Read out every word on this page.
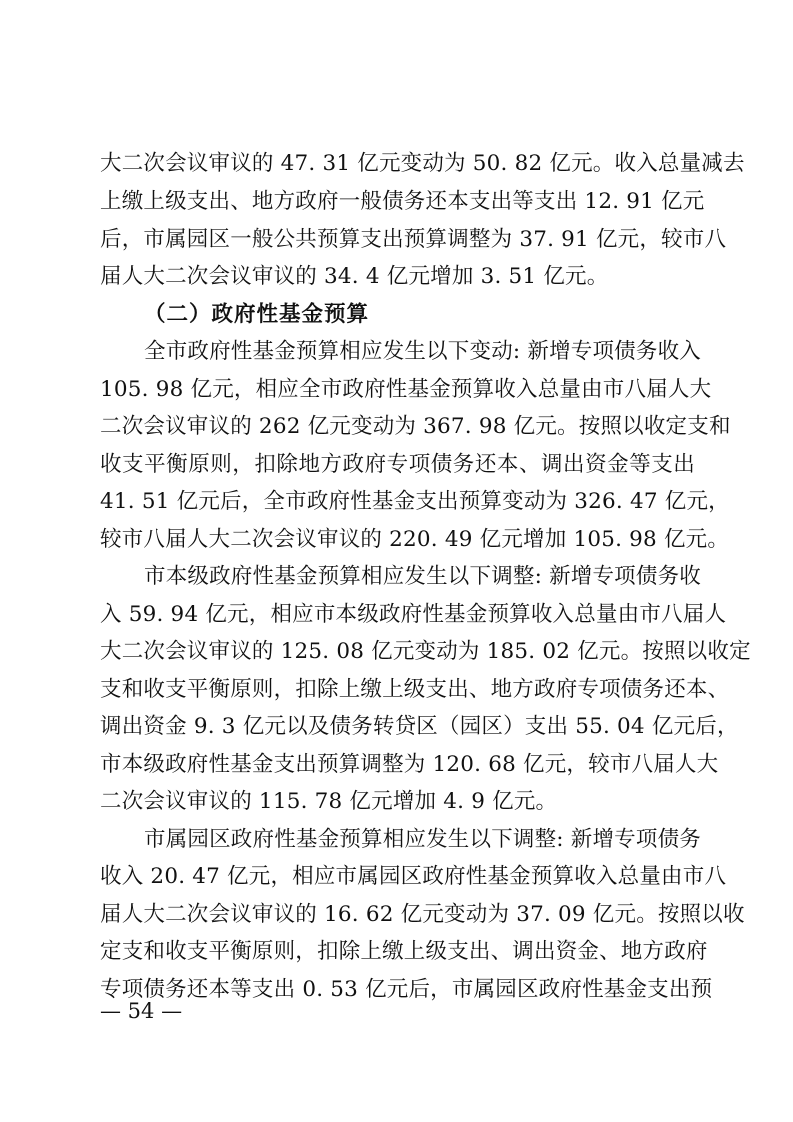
大二次会议审议的 47. 31 亿元变动为 50. 82 亿元。收入总量减去
上缴上级支出、地方政府一般债务还本支出等支出 12. 91 亿元
后，市属园区一般公共预算支出预算调整为 37. 91 亿元，较市八
届人大二次会议审议的 34. 4 亿元增加 3. 51 亿元。
（二）政府性基金预算
全市政府性基金预算相应发生以下变动: 新增专项债务收入
105. 98 亿元，相应全市政府性基金预算收入总量由市八届人大
二次会议审议的 262 亿元变动为 367. 98 亿元。按照以收定支和
收支平衡原则，扣除地方政府专项债务还本、调出资金等支出
41. 51 亿元后，全市政府性基金支出预算变动为 326. 47 亿元，
较市八届人大二次会议审议的 220. 49 亿元增加 105. 98 亿元。
市本级政府性基金预算相应发生以下调整: 新增专项债务收
入 59. 94 亿元，相应市本级政府性基金预算收入总量由市八届人
大二次会议审议的 125. 08 亿元变动为 185. 02 亿元。按照以收定
支和收支平衡原则，扣除上缴上级支出、地方政府专项债务还本、
调出资金 9. 3 亿元以及债务转贷区（园区）支出 55. 04 亿元后，
市本级政府性基金支出预算调整为 120. 68 亿元，较市八届人大
二次会议审议的 115. 78 亿元增加 4. 9 亿元。
市属园区政府性基金预算相应发生以下调整: 新增专项债务
收入 20. 47 亿元，相应市属园区政府性基金预算收入总量由市八
届人大二次会议审议的 16. 62 亿元变动为 37. 09 亿元。按照以收
定支和收支平衡原则，扣除上缴上级支出、调出资金、地方政府
专项债务还本等支出 0. 53 亿元后，市属园区政府性基金支出预
— 54 —
